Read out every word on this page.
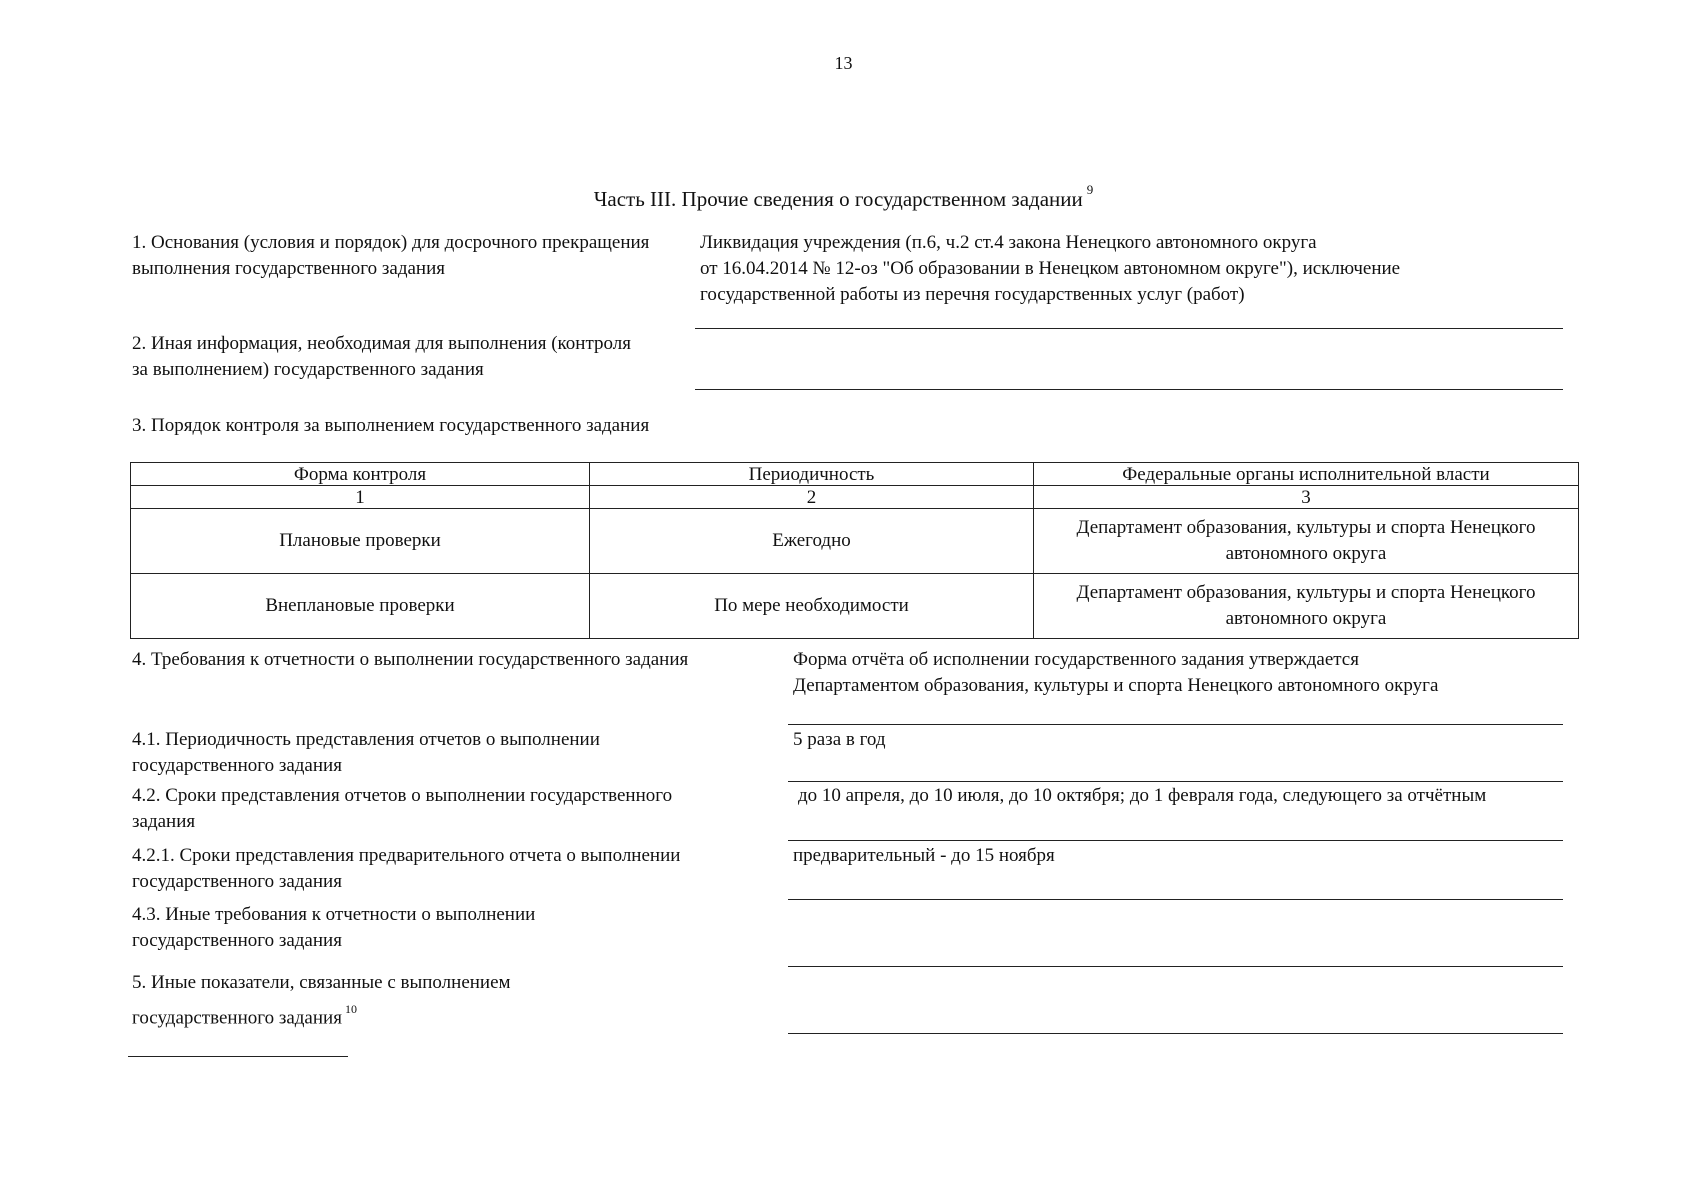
13
Часть III. Прочие сведения о государственном задании $^9$
1. Основания (условия и порядок) для досрочного прекращения
выполнения государственного задания
Ликвидация учреждения (п.6, ч.2 ст.4 закона Ненецкого автономного округа
от 16.04.2014 № 12-оз "Об образовании в Ненецком автономном округе"), исключение
государственной работы из перечня государственных услуг (работ)
2. Иная информация, необходимая для выполнения (контроля
за выполнением) государственного задания
3. Порядок контроля за выполнением государственного задания
Форма контроля	Периодичность	Федеральные органы исполнительной власти
1	2	3
Плановые проверки	Ежегодно	Департамент образования, культуры и спорта Ненецкого
автономного округа

Внеплановые проверки	По мере необходимости	Департамент образования, культуры и спорта Ненецкого
автономного округа
4. Требования к отчетности о выполнении государственного задания	Форма отчёта об исполнении государственного задания утверждается
Департаментом образования, культуры и спорта Ненецкого автономного округа
4.1. Периодичность представления отчетов о выполнении
государственного задания
5 раза в год
4.2. Сроки представления отчетов о выполнении государственного
задания
до 10 апреля, до 10 июля, до 10 октября; до 1 февраля года, следующего за отчётным
4.2.1. Сроки представления предварительного отчета о выполнении
государственного задания
предварительный - до 15 ноября
4.3. Иные требования к отчетности о выполнении
государственного задания
5. Иные показатели, связанные с выполнением
государственного задания $^{10}$
